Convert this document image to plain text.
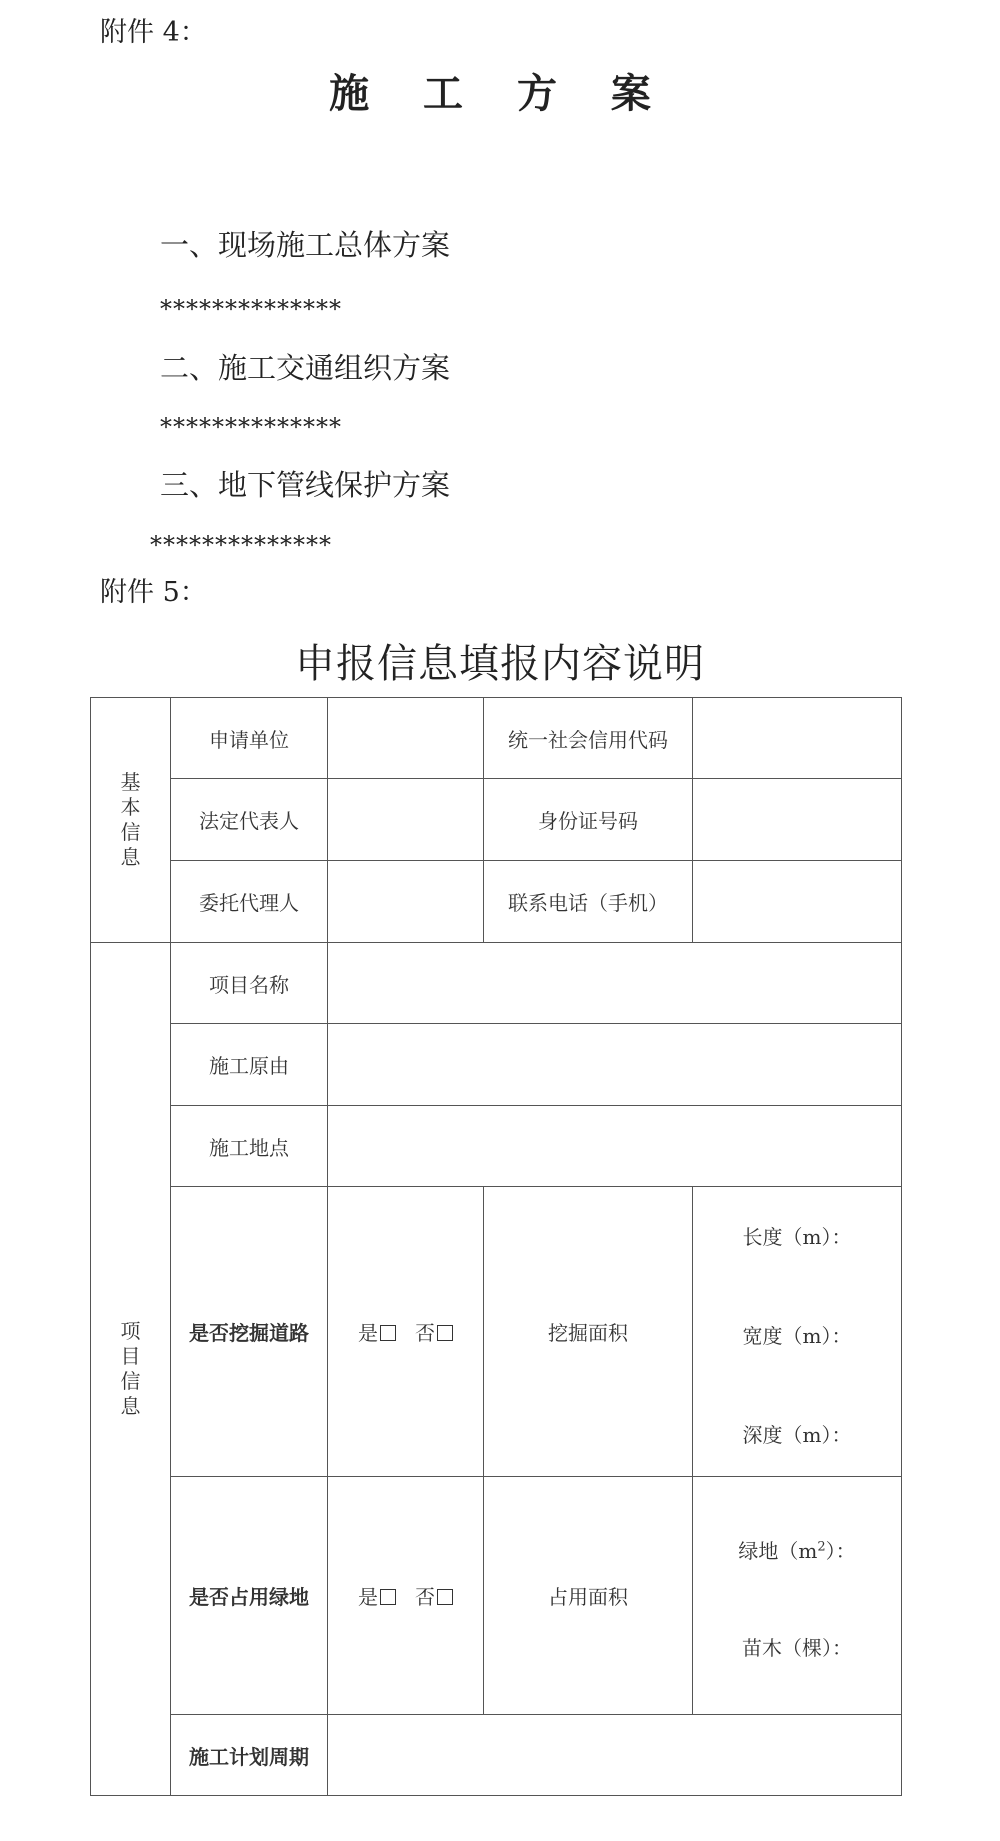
附件 4：
施 工 方 案
一、现场施工总体方案
**************
二、施工交通组织方案
**************
三、地下管线保护方案
**************
附件 5：
申报信息填报内容说明
基本信息	申请单位		统一社会信用代码	
	法定代表人		身份证号码	
	委托代理人		联系电话（手机）	
项目信息	项目名称			
	施工原由			
	施工地点			
	是否挖掘道路	是 否	挖掘面积	长度（m）：
宽度（m）：
深度（m）：

	是否占用绿地	是 否	占用面积	绿地$(m^2)$：
苗木（棵）：

	施工计划周期			
